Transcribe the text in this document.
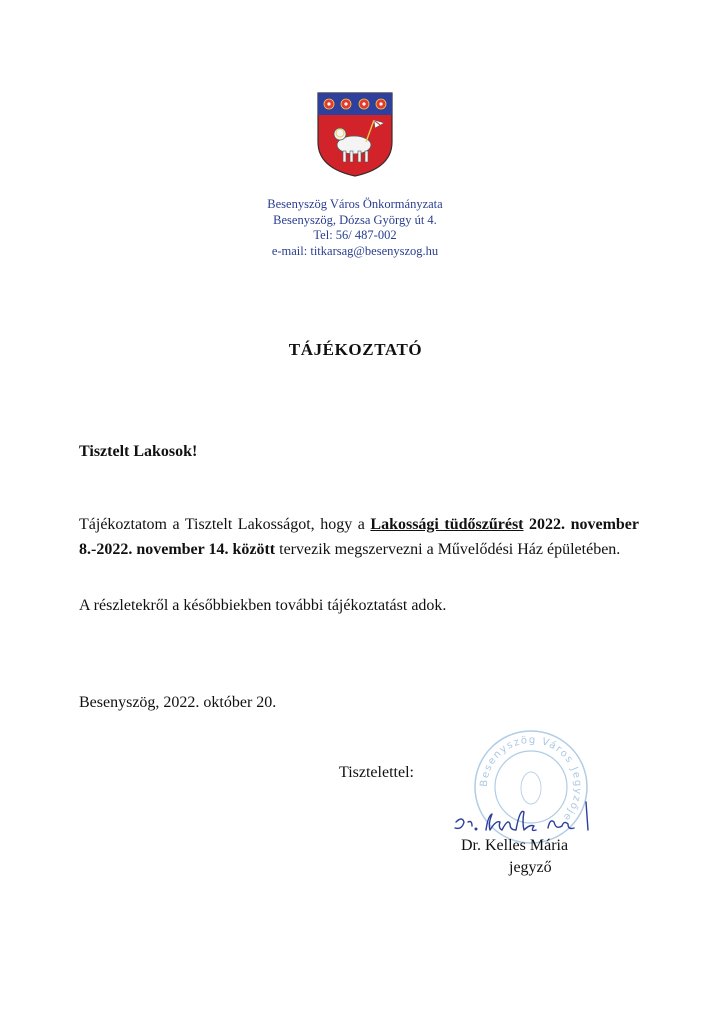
Besenyszög Város Önkormányzata
Besenyszög, Dózsa György út 4.
Tel: 56/ 487-002
e-mail: titkarsag@besenyszog.hu
TÁJÉKOZTATÓ
Tisztelt Lakosok!
Tájékoztatom a Tisztelt Lakosságot, hogy a Lakossági tüdőszűrést 2022. november 8.-2022. november 14. között tervezik megszervezni a Művelődési Ház épületében.
A részletekről a későbbiekben további tájékoztatást adok.
Besenyszög, 2022. október 20.
Besenyszög Város Jegyzője
Tisztelettel:
Dr. Kelles Mária
jegyző
